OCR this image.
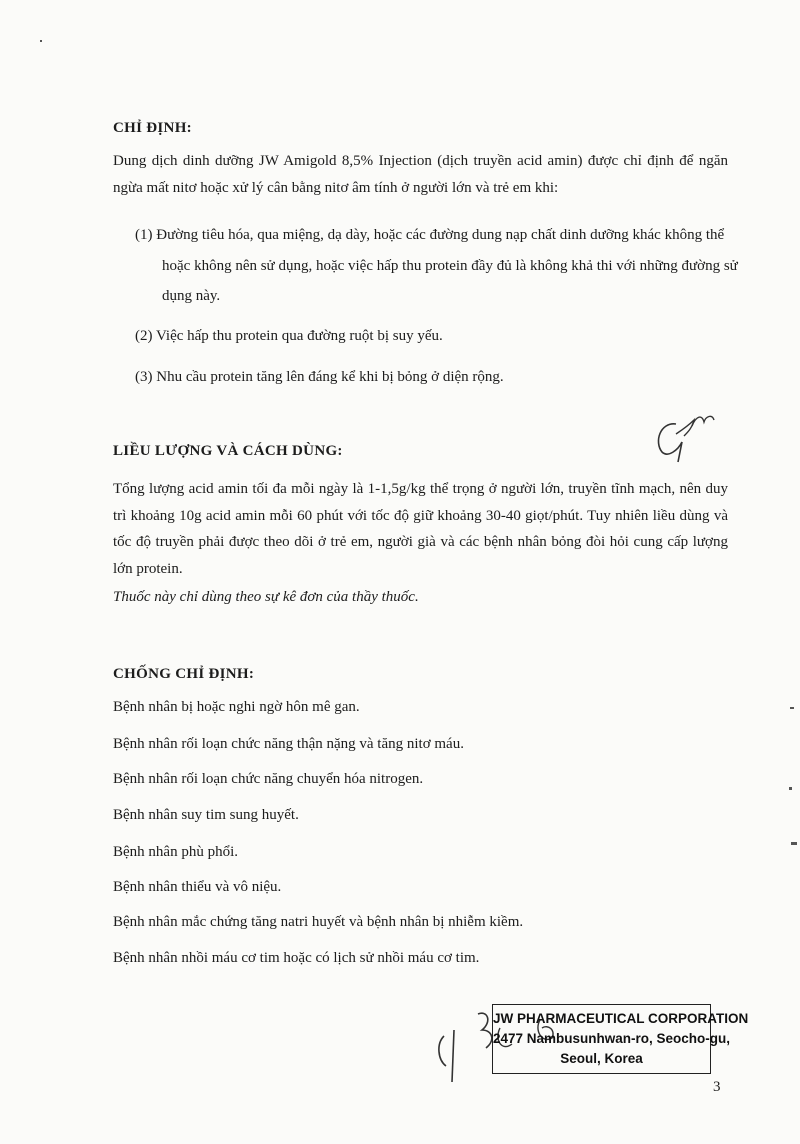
CHỈ ĐỊNH:

Dung dịch dinh dưỡng JW Amigold 8,5% Injection (dịch truyền acid amin) được chỉ định để ngăn ngừa mất nitơ hoặc xử lý cân bằng nitơ âm tính ở người lớn và trẻ em khi:

(1) Đường tiêu hóa, qua miệng, dạ dày, hoặc các đường dung nạp chất dinh dưỡng khác không thể hoặc không nên sử dụng, hoặc việc hấp thu protein đầy đủ là không khả thi với những đường sử dụng này.

(2) Việc hấp thu protein qua đường ruột bị suy yếu.

(3) Nhu cầu protein tăng lên đáng kể khi bị bỏng ở diện rộng.

LIỀU LƯỢNG VÀ CÁCH DÙNG:

Tổng lượng acid amin tối đa mỗi ngày là 1-1,5g/kg thể trọng ở người lớn, truyền tĩnh mạch, nên duy trì khoảng 10g acid amin mỗi 60 phút với tốc độ giữ khoảng 30-40 giọt/phút. Tuy nhiên liều dùng và tốc độ truyền phải được theo dõi ở trẻ em, người già và các bệnh nhân bỏng đòi hỏi cung cấp lượng lớn protein.

Thuốc này chỉ dùng theo sự kê đơn của thầy thuốc.

CHỐNG CHỈ ĐỊNH:

Bệnh nhân bị hoặc nghi ngờ hôn mê gan.

Bệnh nhân rối loạn chức năng thận nặng và tăng nitơ máu.

Bệnh nhân rối loạn chức năng chuyển hóa nitrogen.

Bệnh nhân suy tim sung huyết.

Bệnh nhân phù phổi.

Bệnh nhân thiểu và vô niệu.

Bệnh nhân mắc chứng tăng natri huyết và bệnh nhân bị nhiễm kiềm.

Bệnh nhân nhồi máu cơ tim hoặc có lịch sử nhồi máu cơ tim.

JW PHARMACEUTICAL CORPORATION
2477 Nambusunhwan-ro, Seocho-gu,
Seoul, Korea

3
